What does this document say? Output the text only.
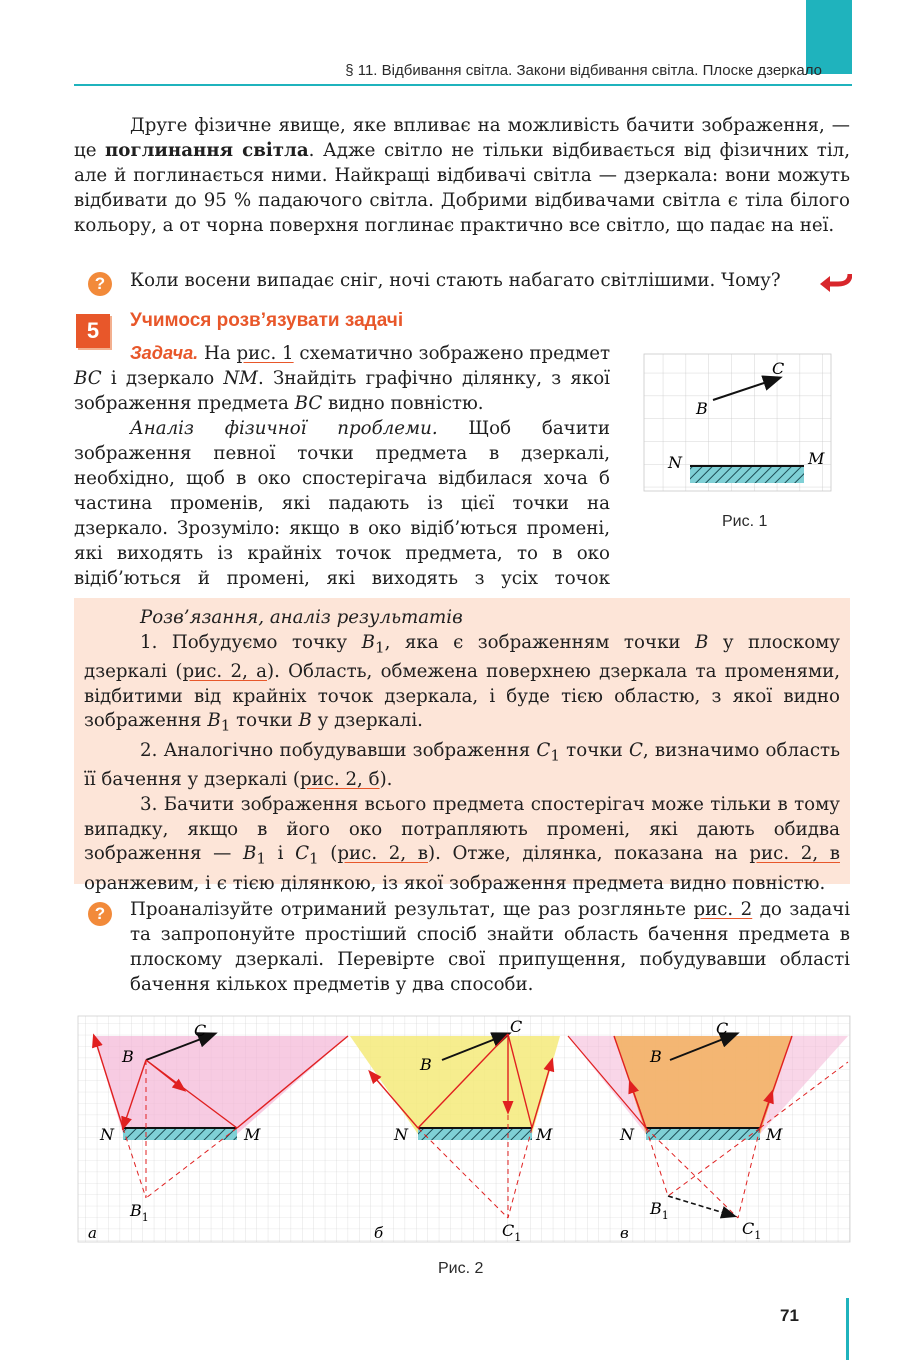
§ 11. Відбивання світла. Закони відбивання світла. Плоске дзеркало

Друге фізичне явище, яке впливає на можливість бачити зображення, — це поглинання світла. Адже світло не тільки відбивається від фізичних тіл, але й поглинається ними. Найкращі відбивачі світла — дзеркала: вони можуть відбивати до 95 % падаючого світла. Добрими відбивачами світла є тіла білого кольору, а от чорна поверхня поглинає практично все світло, що падає на неї.

?	Коли восени випадає сніг, ночі стають набагато світлішими. Чому?
5	Учимося розв’язувати задачі

Задача. На рис. 1 схематично зображено предмет BC і дзеркало NM. Знайдіть графічно ділянку, з якої зображення предмета BC видно повністю.

Аналіз фізичної проблеми. Щоб бачити зображення певної точки предмета в дзеркалі, необхідно, щоб в око спостерігача відбилася хоча б частина променів, які падають із цієї точки на дзеркало. Зрозуміло: якщо в око відіб’ються промені, які виходять із крайніх точок предмета, то в око відіб’ються й промені, які виходять з усіх точок

B
C
N	M
Рис. 1

Розв’язання, аналіз результатів

1. Побудуємо точку $B_1$, яка є зображенням точки B у плоскому дзеркалі (рис. 2, а). Область, обмежена поверхнею дзеркала та променями, відбитими від крайніх точок дзеркала, і буде тією областю, з якої видно зображення $B_1$ точки B у дзеркалі.

2. Аналогічно побудувавши зображення $C_1$ точки C, визначимо область її бачення у дзеркалі (рис. 2, б).

3. Бачити зображення всього предмета спостерігач може тільки в тому випадку, якщо в його око потрапляють промені, які дають обидва зображення — $B_1$ і $C_1$ (рис. 2, в). Отже, ділянка, показана на рис. 2, в оранжевим, і є тією ділянкою, із якої зображення предмета видно повністю.

?	Проаналізуйте отриманий результат, ще раз розгляньте рис. 2 до задачі та запропонуйте простіший спосіб знайти область бачення предмета в плоскому дзеркалі. Перевірте свої припущення, побудувавши області бачення кількох предметів у два способи.

B
C
N	M
$B_1$
а
B
C
N	M
$C_1$
б
B
C
N	M
$B_1$
$C_1$
в
Рис. 2
71
